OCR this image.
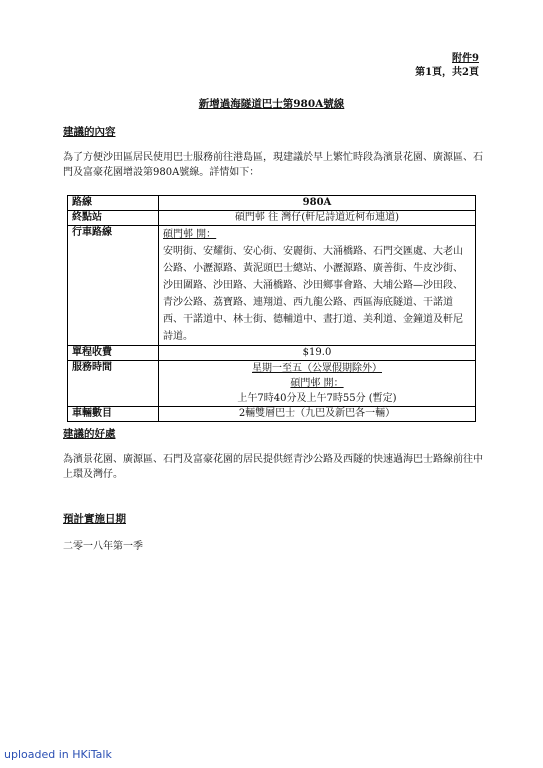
附件9
第1頁，共2頁
新增過海隧道巴士第980A號線
建議的內容
為了方便沙田區居民使用巴士服務前往港島區，現建議於早上繁忙時段為濱景花園、廣源區、石門及富豪花園增設第980A號線。詳情如下：
路線	980A
終點站	碩門邨 往 灣仔(軒尼詩道近柯布連道)
行車路線	碩門邨 開：
安明街、安耀街、安心街、安麗街、大涌橋路、石門交匯處、大老山公路、小瀝源路、黃泥頭巴士總站、小瀝源路、廣善街、牛皮沙街、沙田圍路、沙田路、大涌橋路、沙田鄉事會路、大埔公路—沙田段、青沙公路、荔寶路、連翔道、西九龍公路、西區海底隧道、干諾道西、干諾道中、林士街、德輔道中、晝打道、美利道、金鐘道及軒尼詩道。

單程收費	$19.0
服務時間	星期一至五（公眾假期除外）
碩門邨 開：
上午7時40分及上午7時55分 (暫定)

車輛數目	2輛雙層巴士（九巴及新巴各一輛）
建議的好處
為濱景花園、廣源區、石門及富豪花園的居民提供經青沙公路及西隧的快速過海巴士路線前往中上環及灣仔。
預計實施日期
二零一八年第一季
uploaded in HKiTalk
